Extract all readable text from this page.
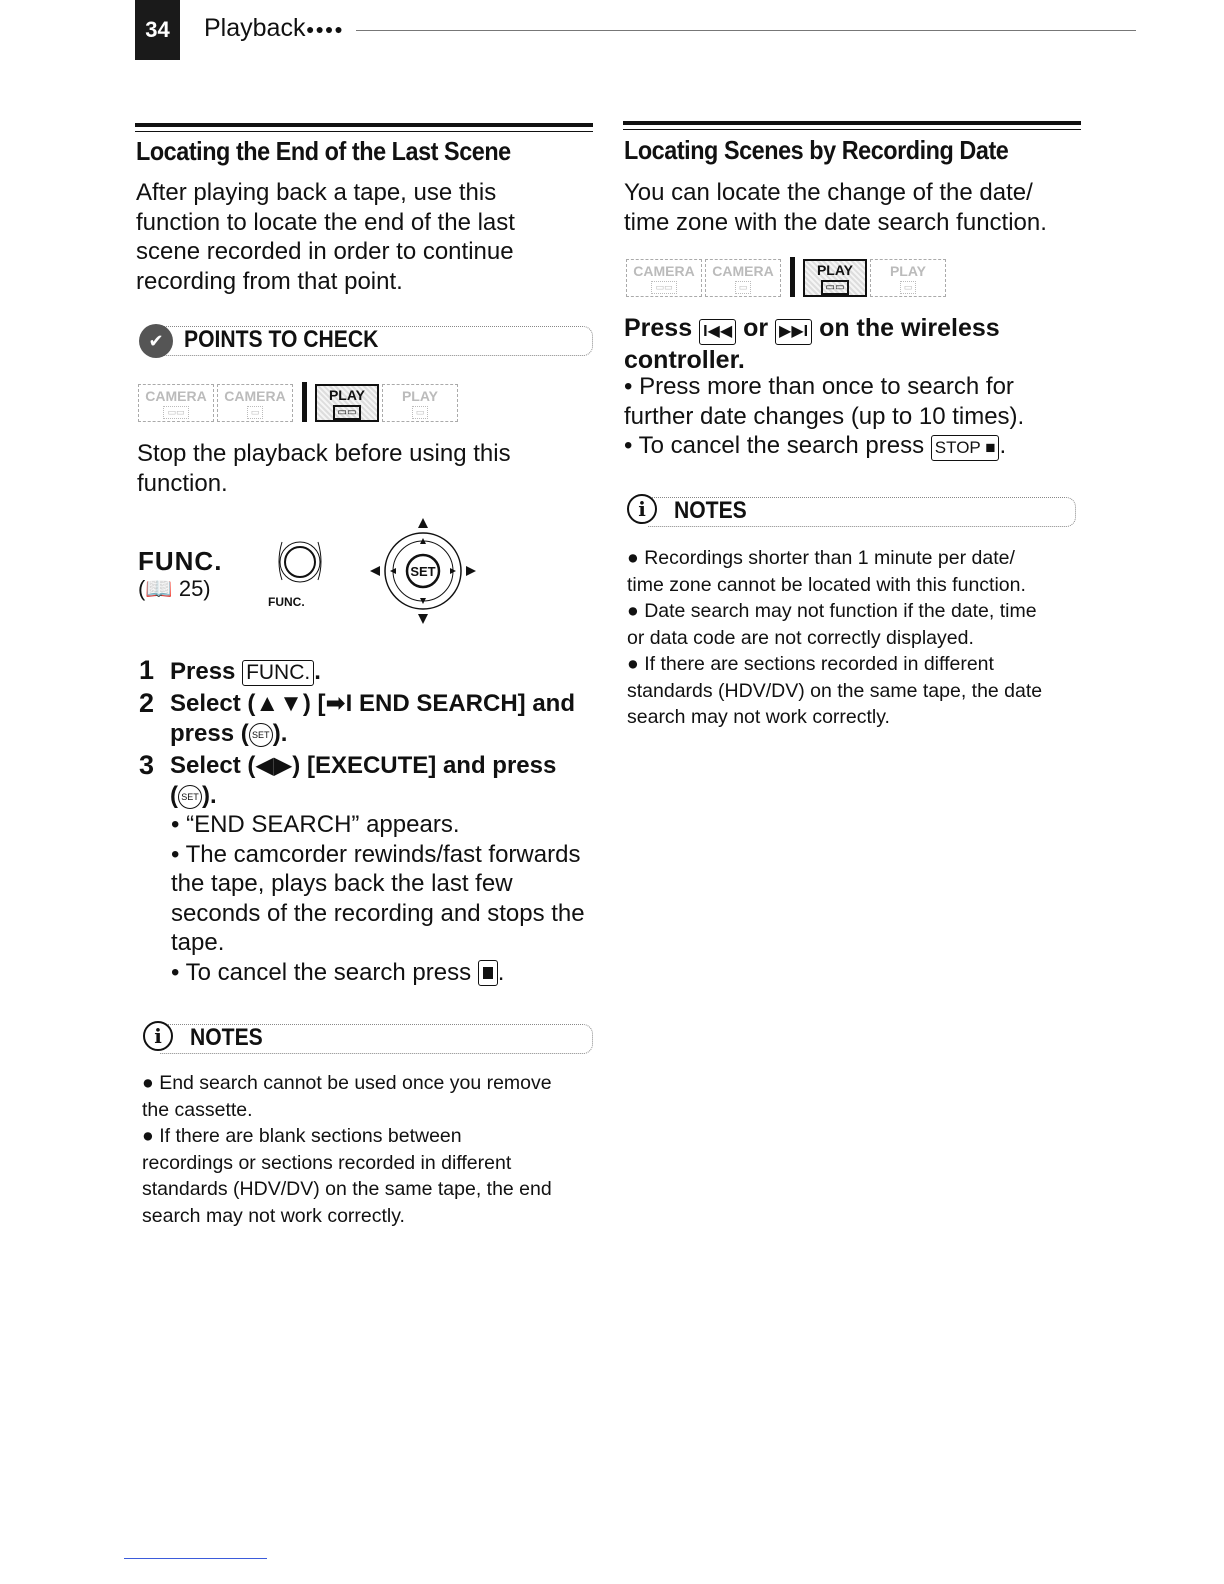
34	Playback ●●●●
Locating the End of the Last Scene
After playing back a tape, use this
function to locate the end of the last
scene recorded in order to continue
recording from that point.
✔ POINTS TO CHECK
CAMERA
▭▭
CAMERA
▭
PLAY
▭▭
PLAY
▭
Stop the playback before using this
function.
FUNC.
(📖 25)
FUNC.
SET
1 Press FUNC. .
2 Select (▲▼) [➡I END SEARCH] and
press ( SET ).
3 Select (◀▶) [EXECUTE] and press
( SET ).
• “END SEARCH” appears.
• The camcorder rewinds/fast forwards
the tape, plays back the last few
seconds of the recording and stops the
tape.
• To cancel the search press .
i	NOTES
● End search cannot be used once you remove
the cassette.
● If there are blank sections between
recordings or sections recorded in different
standards (HDV/DV) on the same tape, the end
search may not work correctly.
Locating Scenes by Recording Date
You can locate the change of the date/
time zone with the date search function.
CAMERA
▭▭
CAMERA
▭
PLAY
▭▭
PLAY
▭
Press I◀◀ or ▶▶I on the wireless
controller.
• Press more than once to search for
further date changes (up to 10 times).
• To cancel the search press STOP ■ .
i	NOTES
● Recordings shorter than 1 minute per date/
time zone cannot be located with this function.
● Date search may not function if the date, time
or data code are not correctly displayed.
● If there are sections recorded in different
standards (HDV/DV) on the same tape, the date
search may not work correctly.
